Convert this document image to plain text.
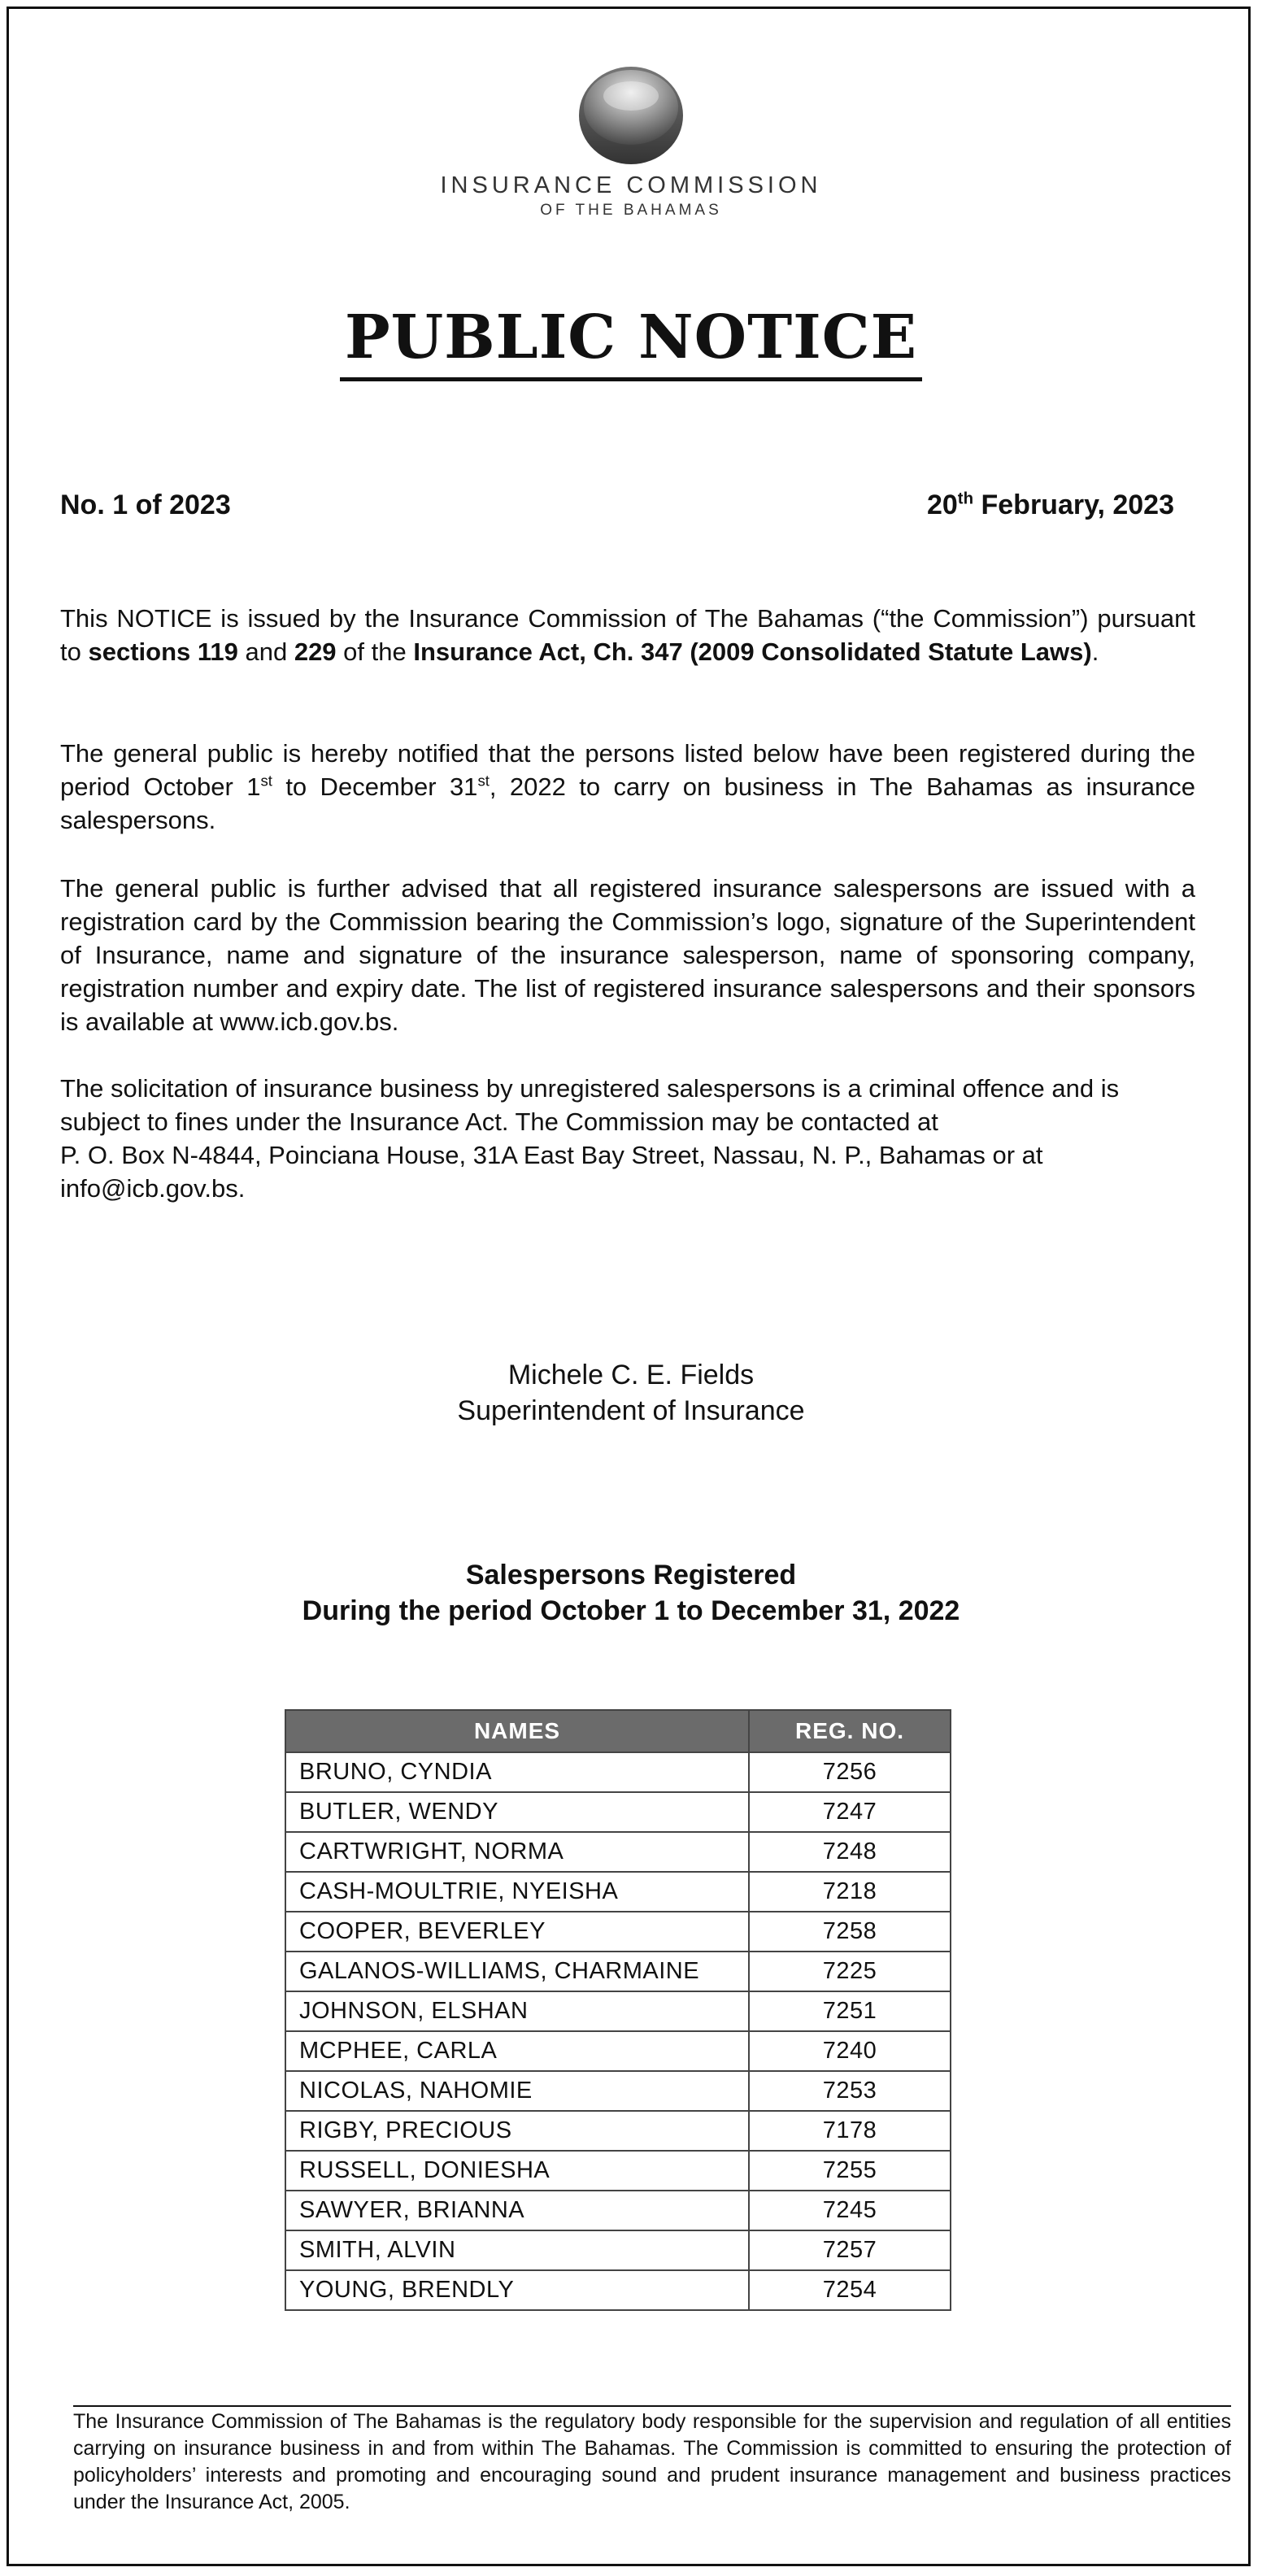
INSURANCE COMMISSION
OF THE BAHAMAS
PUBLIC NOTICE
No. 1 of 2023	20th February, 2023

This NOTICE is issued by the Insurance Commission of The Bahamas (“the Commission”) pursuant to sections 119 and 229 of the Insurance Act, Ch. 347 (2009 Consolidated Statute Laws).

The general public is hereby notified that the persons listed below have been registered during the period October 1st to December 31st, 2022 to carry on business in The Bahamas as insurance salespersons.

The general public is further advised that all registered insurance salespersons are issued with a registration card by the Commission bearing the Commission’s logo, signature of the Superintendent of Insurance, name and signature of the insurance salesperson, name of sponsoring company, registration number and expiry date. The list of registered insurance salespersons and their sponsors is available at www.icb.gov.bs.

The solicitation of insurance business by unregistered salespersons is a criminal offence and is subject to fines under the Insurance Act. The Commission may be contacted at
P. O. Box N-4844, Poinciana House, 31A East Bay Street, Nassau, N. P., Bahamas or at info@icb.gov.bs.

Michele C. E. Fields
Superintendent of Insurance
Salespersons Registered
During the period October 1 to December 31, 2022
NAMES	REG. NO.
BRUNO, CYNDIA	7256
BUTLER, WENDY	7247
CARTWRIGHT, NORMA	7248
CASH-MOULTRIE, NYEISHA	7218
COOPER, BEVERLEY	7258
GALANOS-WILLIAMS, CHARMAINE	7225
JOHNSON, ELSHAN	7251
MCPHEE, CARLA	7240
NICOLAS, NAHOMIE	7253
RIGBY, PRECIOUS	7178
RUSSELL, DONIESHA	7255
SAWYER, BRIANNA	7245
SMITH, ALVIN	7257
YOUNG, BRENDLY	7254

The Insurance Commission of The Bahamas is the regulatory body responsible for the supervision and regulation of all entities carrying on insurance business in and from within The Bahamas. The Commission is committed to ensuring the protection of policyholders’ interests and promoting and encouraging sound and prudent insurance management and business practices under the Insurance Act, 2005.
